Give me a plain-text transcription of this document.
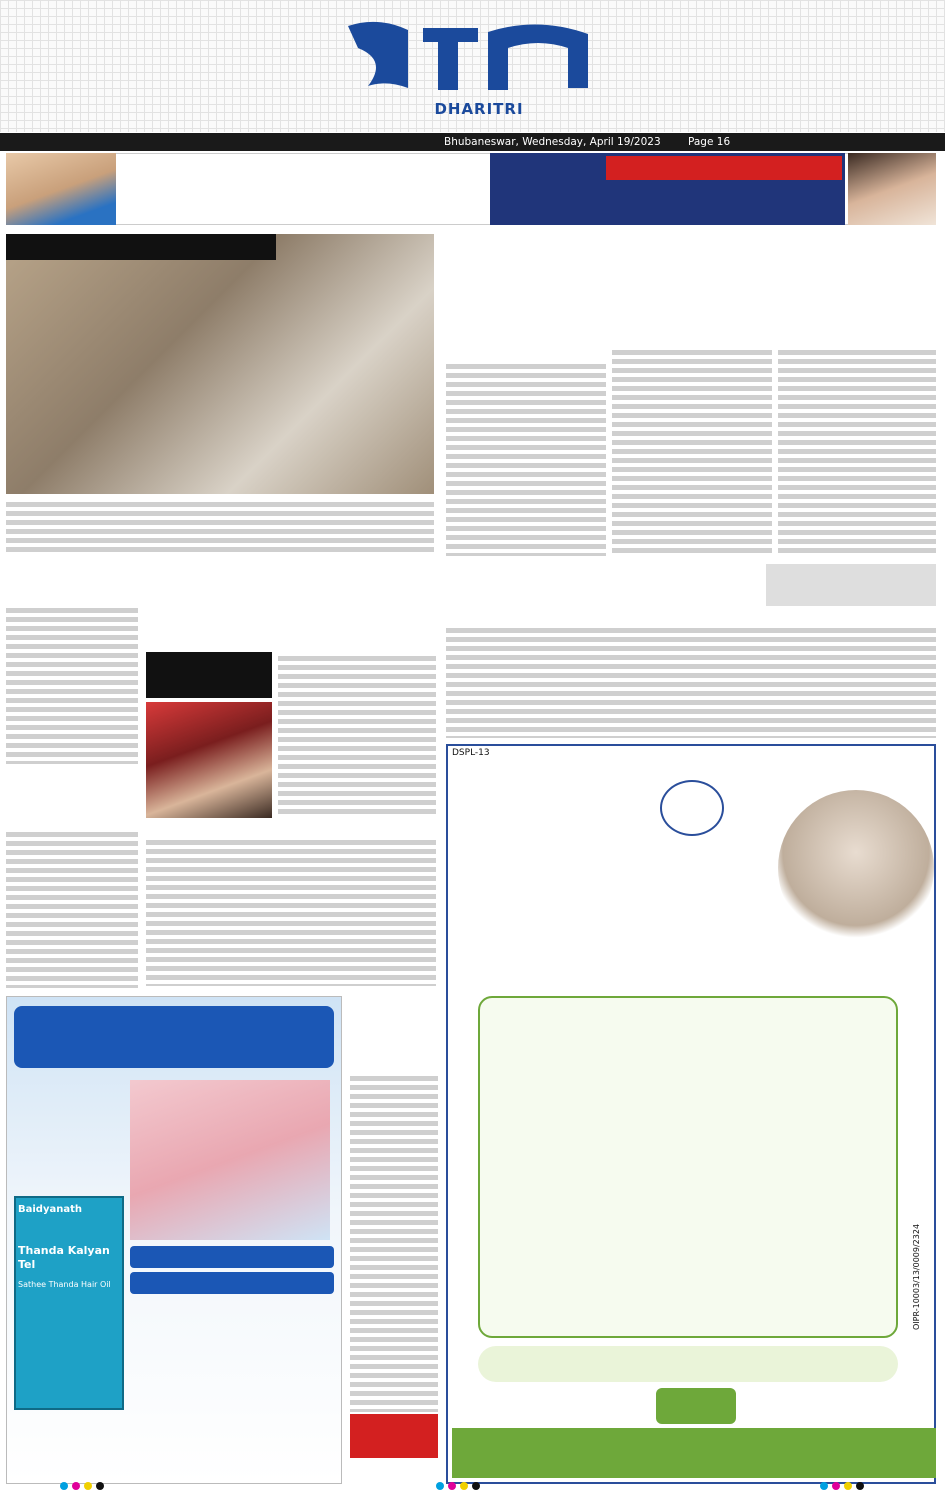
DHARITRI
Bhubaneswar, Wednesday, April 19/2023	Page 16
DSPL-13
OIPR-10003/13/0009/2324
Baidyanath
Thanda Kalyan Tel
Sathee Thanda Hair Oil
